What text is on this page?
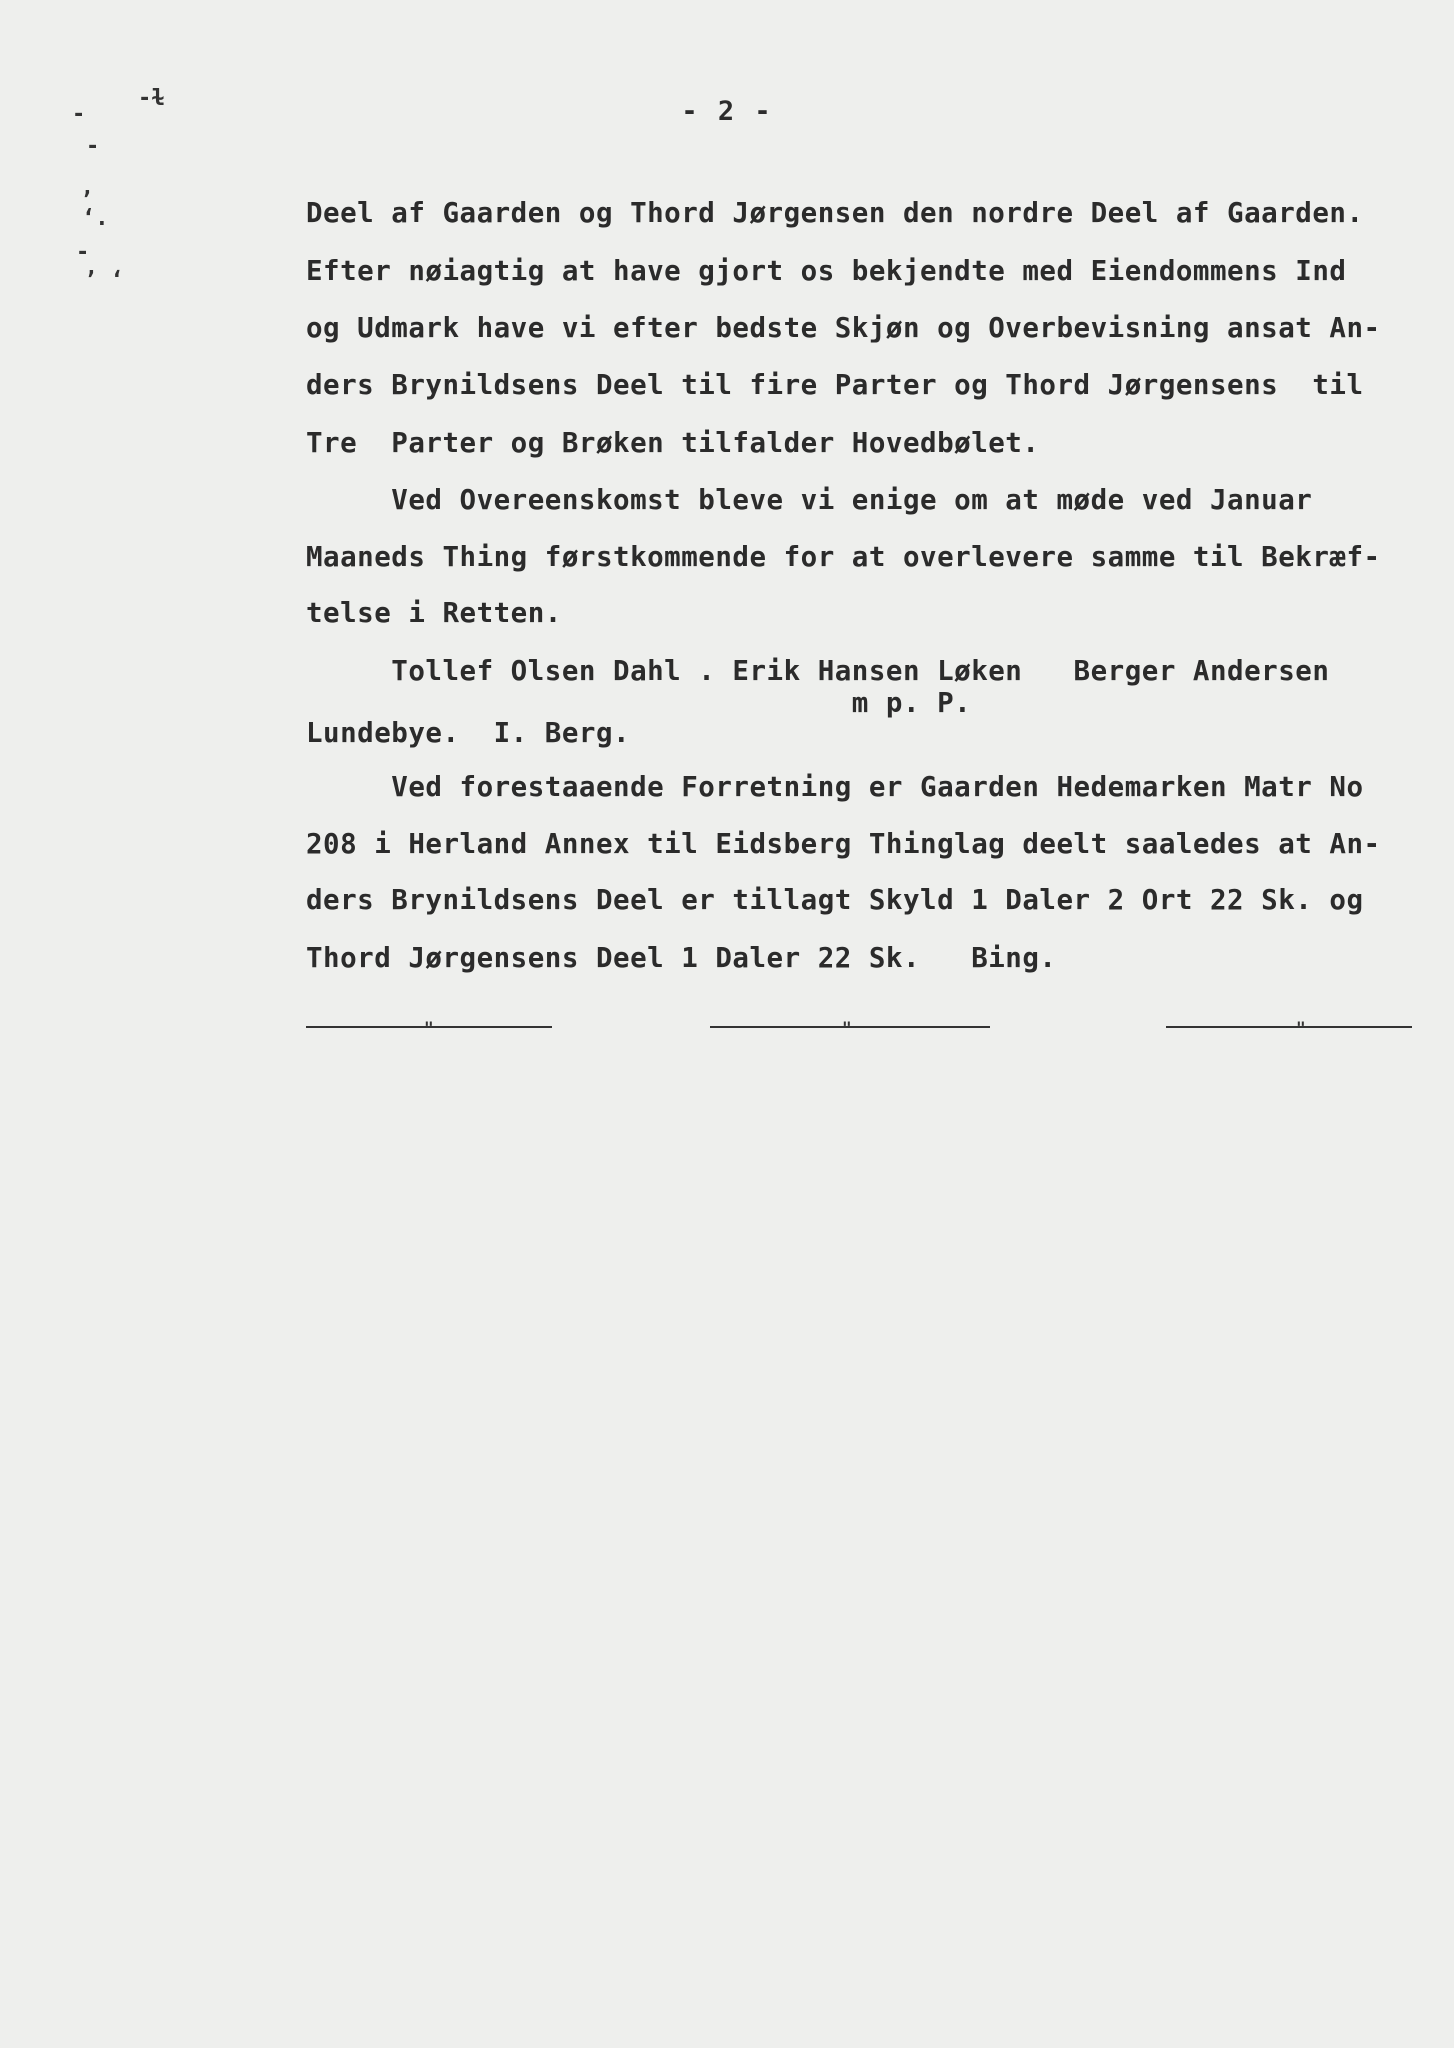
- 2 -
-
-ɫ
-
’
‘.
-
’ ʻ
Deel af Gaarden og Thord Jørgensen den nordre Deel af Gaarden.
Efter nøiagtig at have gjort os bekjendte med Eiendommens Ind
og Udmark have vi efter bedste Skjøn og Overbevisning ansat An-
ders Brynildsens Deel til fire Parter og Thord Jørgensens  til
Tre  Parter og Brøken tilfalder Hovedbølet.
Ved Overeenskomst bleve vi enige om at møde ved Januar
Maaneds Thing førstkommende for at overlevere samme til Bekræf-
telse i Retten.
Tollef Olsen Dahl . Erik Hansen Løken   Berger Andersen
m p. P.
Lundebye.  I. Berg.
Ved forestaaende Forretning er Gaarden Hedemarken Matr No
208 i Herland Annex til Eidsberg Thinglag deelt saaledes at An-
ders Brynildsens Deel er tillagt Skyld 1 Daler 2 Ort 22 Sk. og
Thord Jørgensens Deel 1 Daler 22 Sk.   Bing.
"	"	"
